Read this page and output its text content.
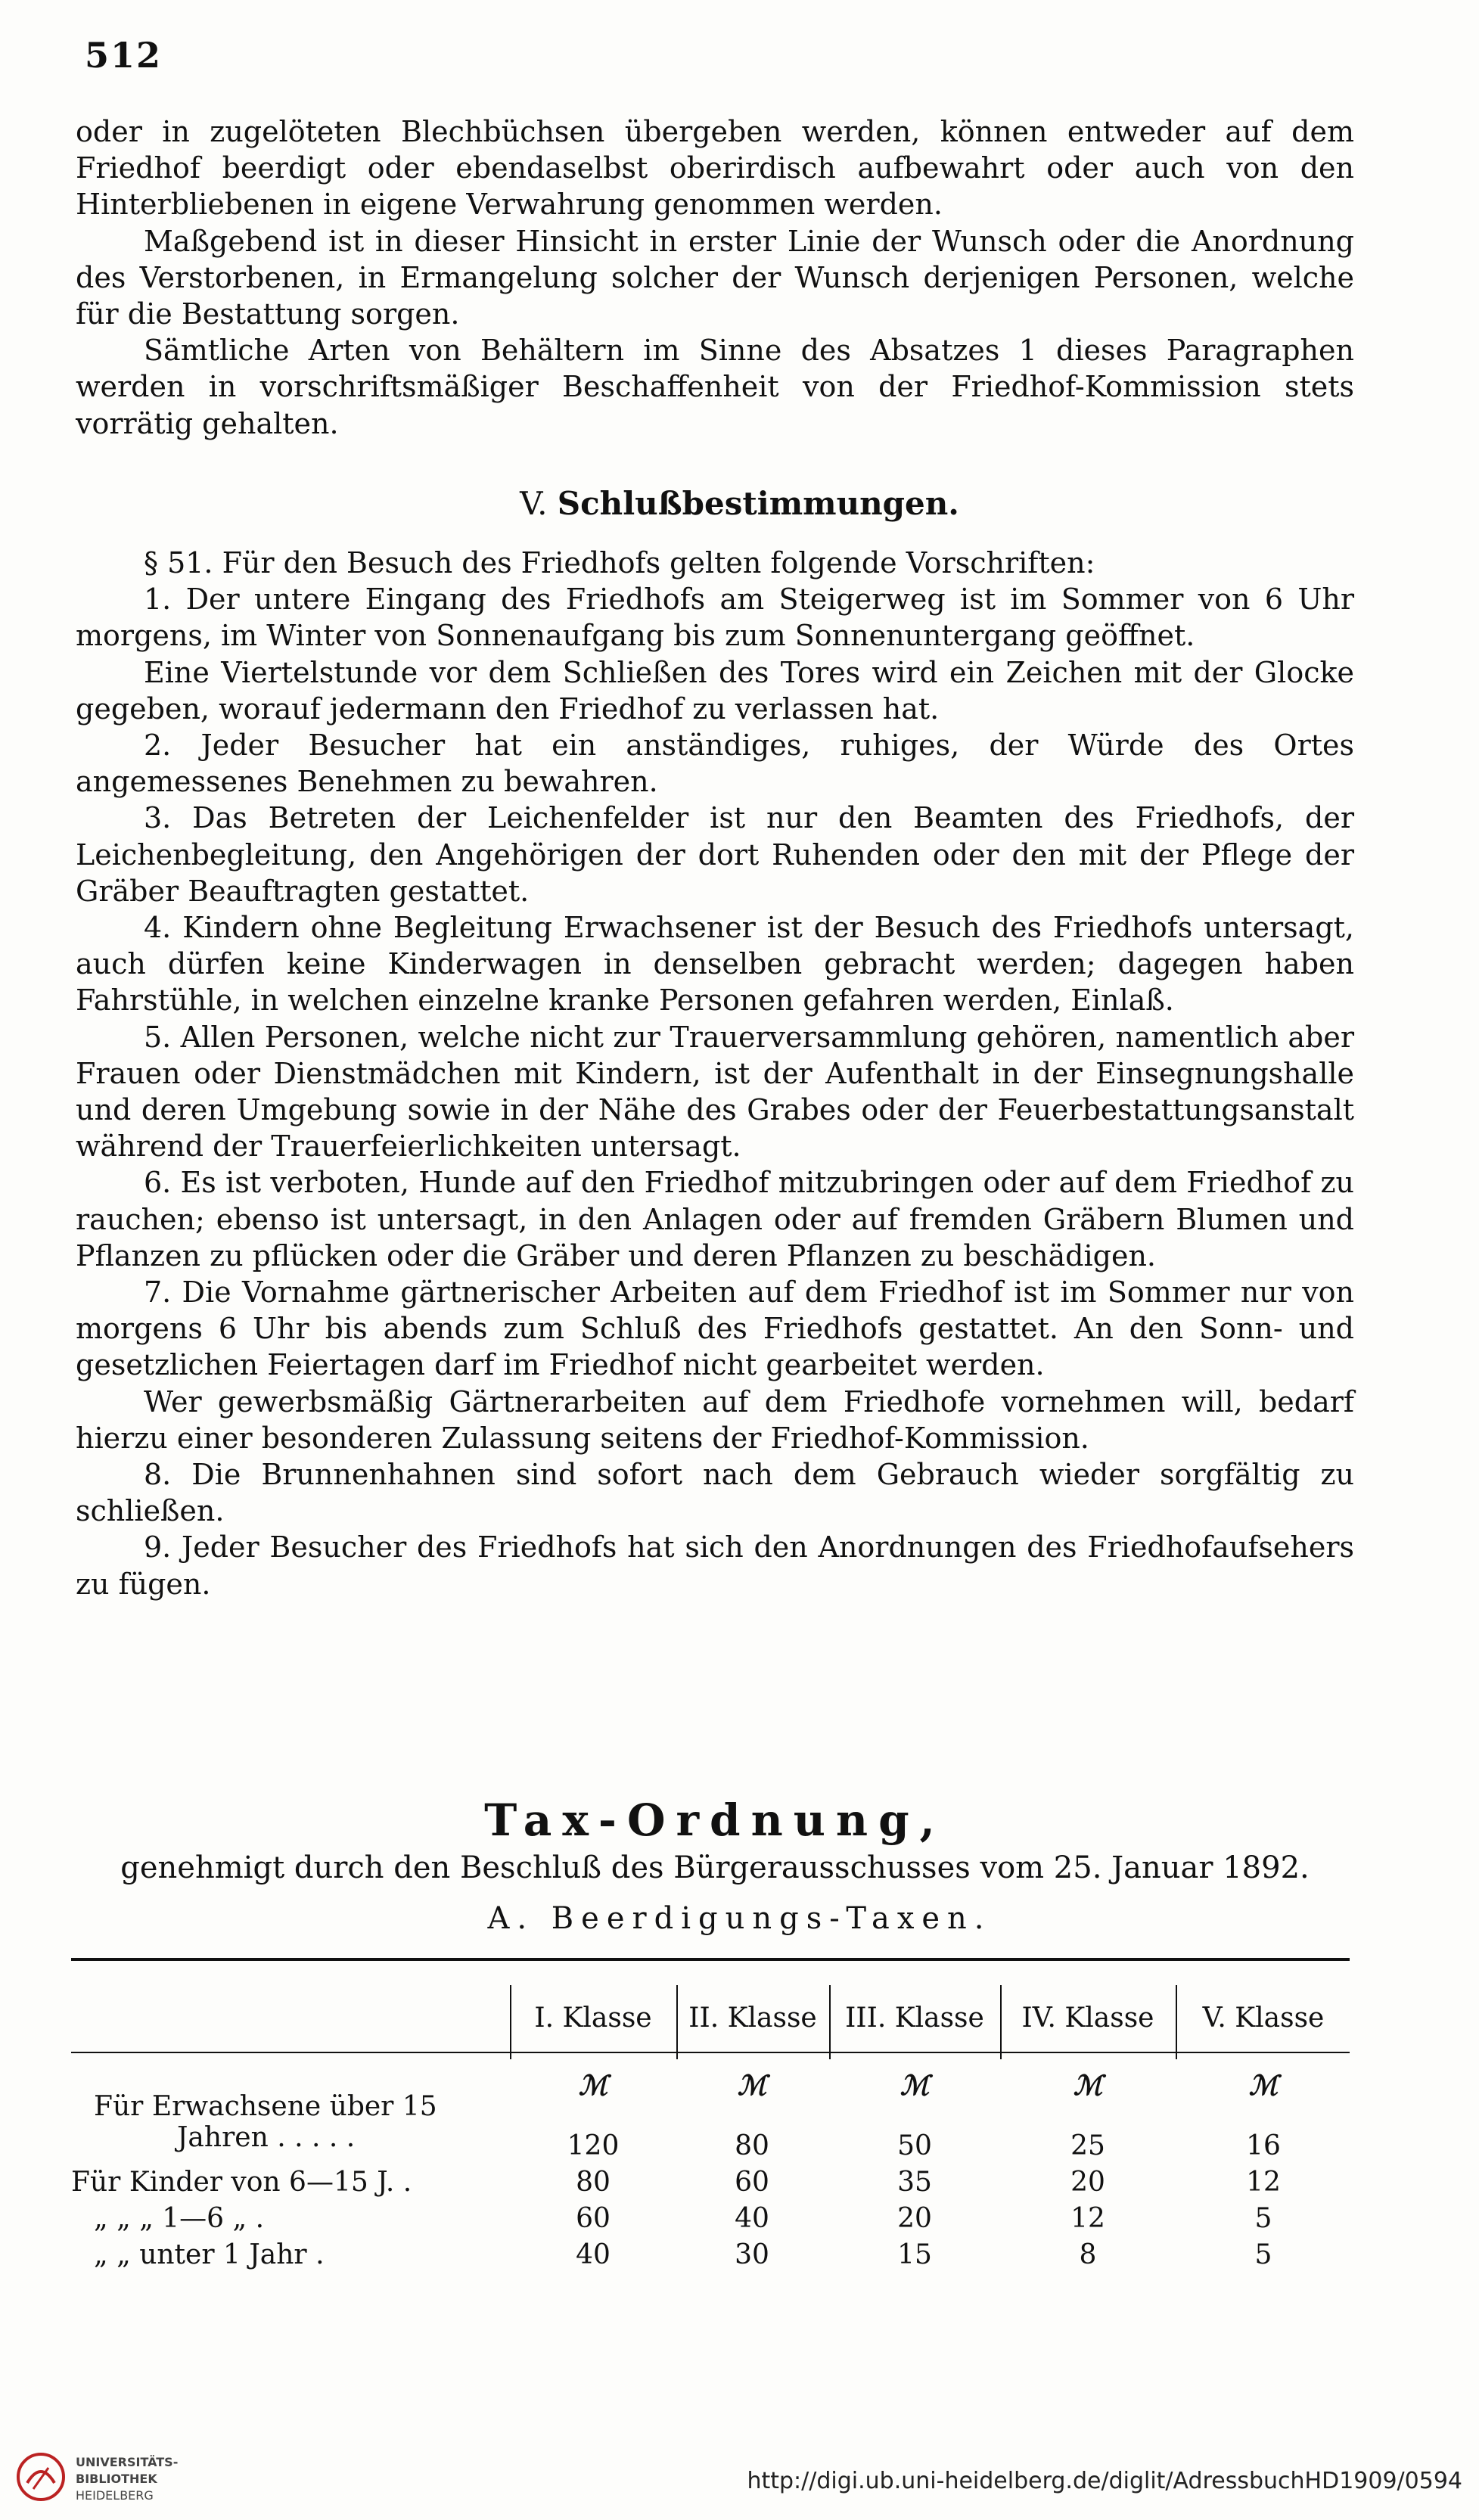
512

oder in zugelöteten Blechbüchsen übergeben werden, können entweder auf dem Friedhof beerdigt oder ebendaselbst oberirdisch aufbewahrt oder auch von den Hinterbliebenen in eigene Verwahrung genommen werden.

Maßgebend ist in dieser Hinsicht in erster Linie der Wunsch oder die Anordnung des Verstorbenen, in Ermangelung solcher der Wunsch derjenigen Personen, welche für die Bestattung sorgen.

Sämtliche Arten von Behältern im Sinne des Absatzes 1 dieses Paragraphen werden in vorschriftsmäßiger Beschaffenheit von der Friedhof-Kommission stets vorrätig gehalten.

V. Schlußbestimmungen.

§ 51. Für den Besuch des Friedhofs gelten folgende Vorschriften:

1. Der untere Eingang des Friedhofs am Steigerweg ist im Sommer von 6 Uhr morgens, im Winter von Sonnenaufgang bis zum Sonnenuntergang geöffnet.

Eine Viertelstunde vor dem Schließen des Tores wird ein Zeichen mit der Glocke gegeben, worauf jedermann den Friedhof zu verlassen hat.

2. Jeder Besucher hat ein anständiges, ruhiges, der Würde des Ortes angemessenes Benehmen zu bewahren.

3. Das Betreten der Leichenfelder ist nur den Beamten des Friedhofs, der Leichenbegleitung, den Angehörigen der dort Ruhenden oder den mit der Pflege der Gräber Beauftragten gestattet.

4. Kindern ohne Begleitung Erwachsener ist der Besuch des Friedhofs untersagt, auch dürfen keine Kinderwagen in denselben gebracht werden; dagegen haben Fahrstühle, in welchen einzelne kranke Personen gefahren werden, Einlaß.

5. Allen Personen, welche nicht zur Trauerversammlung gehören, namentlich aber Frauen oder Dienstmädchen mit Kindern, ist der Aufenthalt in der Einsegnungshalle und deren Umgebung sowie in der Nähe des Grabes oder der Feuerbestattungsanstalt während der Trauerfeierlichkeiten untersagt.

6. Es ist verboten, Hunde auf den Friedhof mitzubringen oder auf dem Friedhof zu rauchen; ebenso ist untersagt, in den Anlagen oder auf fremden Gräbern Blumen und Pflanzen zu pflücken oder die Gräber und deren Pflanzen zu beschädigen.

7. Die Vornahme gärtnerischer Arbeiten auf dem Friedhof ist im Sommer nur von morgens 6 Uhr bis abends zum Schluß des Friedhofs gestattet. An den Sonn- und gesetzlichen Feiertagen darf im Friedhof nicht gearbeitet werden.

Wer gewerbsmäßig Gärtnerarbeiten auf dem Friedhofe vornehmen will, bedarf hierzu einer besonderen Zulassung seitens der Friedhof-Kommission.

8. Die Brunnenhahnen sind sofort nach dem Gebrauch wieder sorgfältig zu schließen.

9. Jeder Besucher des Friedhofs hat sich den Anordnungen des Friedhofaufsehers zu fügen.

Tax-Ordnung,
genehmigt durch den Beschluß des Bürgerausschusses vom 25. Januar 1892.
A. Beerdigungs-Taxen.
I. Klasse	II. Klasse	III. Klasse	IV. Klasse	V. Klasse
ℳ	ℳ	ℳ	ℳ	ℳ
Für Erwachsene über 15
Jahren . . . . .	120	80	50	25	16
Für Kinder von 6—15 J. .	80	60	35	20	12
„ „ „ 1—6 „ .	60	40	20	12	5
„ „ unter 1 Jahr .	40	30	15	8	5
UNIVERSITÄTS-
BIBLIOTHEK
HEIDELBERG
http://digi.ub.uni-heidelberg.de/diglit/AdressbuchHD1909/0594
